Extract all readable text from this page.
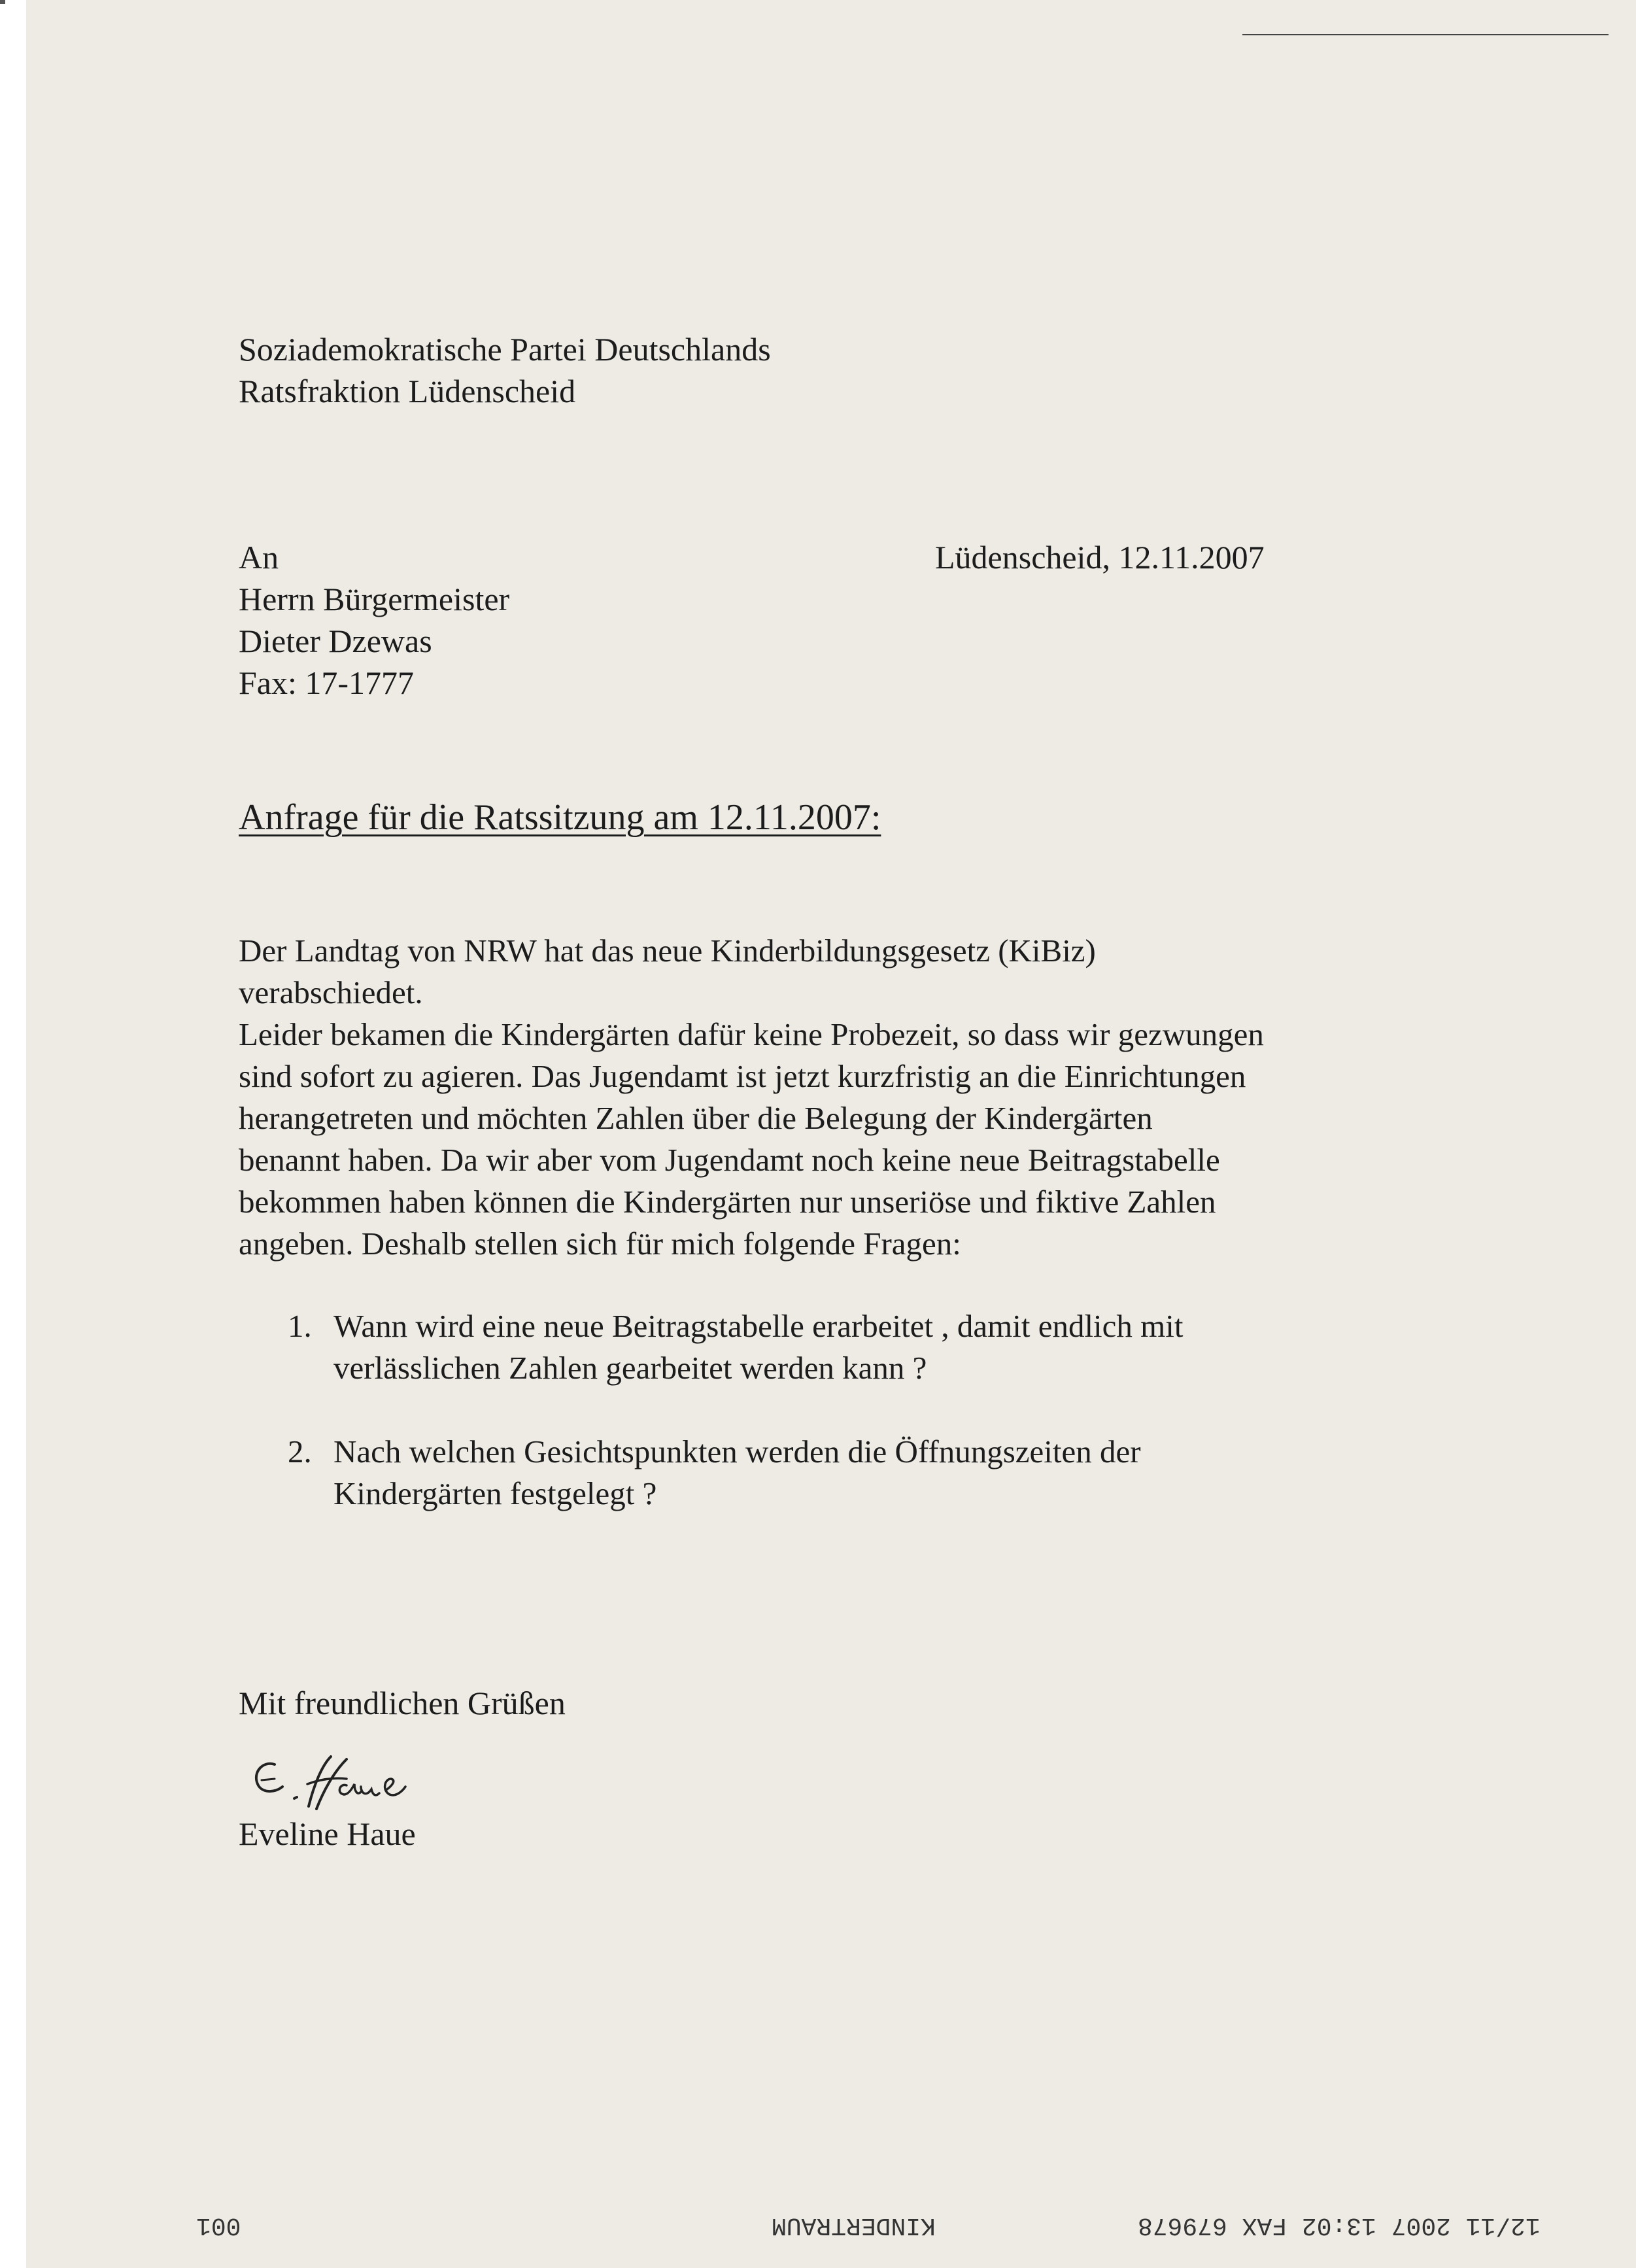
Soziademokratische Partei Deutschlands
Ratsfraktion Lüdenscheid
An
Herrn Bürgermeister
Dieter Dzewas
Fax: 17-1777
Lüdenscheid, 12.11.2007
Anfrage für die Ratssitzung am 12.11.2007:
Der Landtag von NRW hat das neue Kinderbildungsgesetz (KiBiz)
verabschiedet.
Leider bekamen die Kindergärten dafür keine Probezeit, so dass wir gezwungen
sind sofort zu agieren. Das Jugendamt ist jetzt kurzfristig an die Einrichtungen
herangetreten und möchten Zahlen über die Belegung der Kindergärten
benannt haben. Da wir aber vom Jugendamt noch keine neue Beitragstabelle
bekommen haben können die Kindergärten nur unseriöse und fiktive Zahlen
angeben. Deshalb stellen sich für mich folgende Fragen:
1. Wann wird eine neue Beitragstabelle erarbeitet , damit endlich mit
verlässlichen Zahlen gearbeitet werden kann ?
2. Nach welchen Gesichtspunkten werden die Öffnungszeiten der
Kindergärten festgelegt ?
Mit freundlichen Grüßen
Eveline Haue
001	KINDERTRAUM	12/11 2007 13:02 FAX 679678
